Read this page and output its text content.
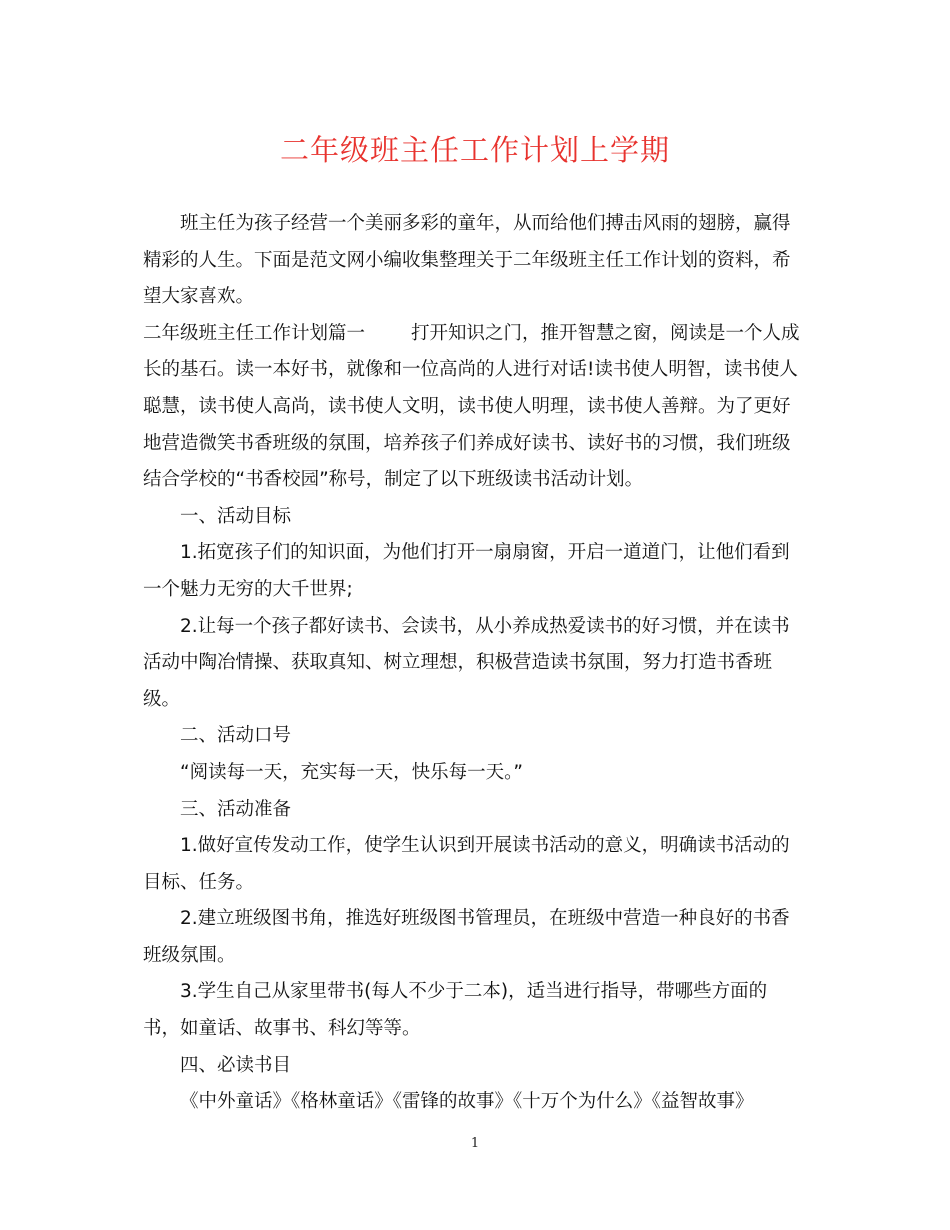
二年级班主任工作计划上学期
班主任为孩子经营一个美丽多彩的童年，从而给他们搏击风雨的翅膀，赢得
精彩的人生。下面是范文网小编收集整理关于二年级班主任工作计划的资料，希
望大家喜欢。
二年级班主任工作计划篇一 打开知识之门，推开智慧之窗，阅读是一个人成
长的基石。读一本好书，就像和一位高尚的人进行对话!读书使人明智，读书使人
聪慧，读书使人高尚，读书使人文明，读书使人明理，读书使人善辩。为了更好
地营造微笑书香班级的氛围，培养孩子们养成好读书、读好书的习惯，我们班级
结合学校的“书香校园”称号，制定了以下班级读书活动计划。
一、活动目标
1.拓宽孩子们的知识面，为他们打开一扇扇窗，开启一道道门，让他们看到
一个魅力无穷的大千世界;
2.让每一个孩子都好读书、会读书，从小养成热爱读书的好习惯，并在读书
活动中陶冶情操、获取真知、树立理想，积极营造读书氛围，努力打造书香班
级。
二、活动口号
“阅读每一天，充实每一天，快乐每一天。”
三、活动准备
1.做好宣传发动工作，使学生认识到开展读书活动的意义，明确读书活动的
目标、任务。
2.建立班级图书角，推选好班级图书管理员，在班级中营造一种良好的书香
班级氛围。
3.学生自己从家里带书(每人不少于二本)，适当进行指导，带哪些方面的
书，如童话、故事书、科幻等等。
四、必读书目
《中外童话》《格林童话》《雷锋的故事》《十万个为什么》《益智故事》
1
